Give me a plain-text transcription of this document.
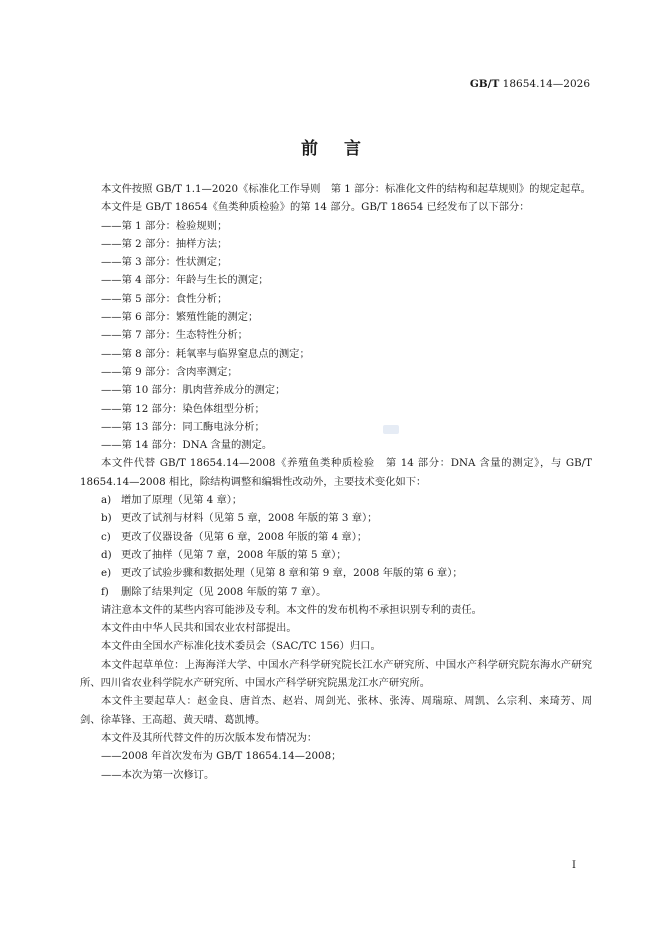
GB/T 18654.14—2026
前言

本文件按照 GB/T 1.1—2020《标准化工作导则　第 1 部分：标准化文件的结构和起草规则》的规定起草。

本文件是 GB/T 18654《鱼类种质检验》的第 14 部分。GB/T 18654 已经发布了以下部分：

——第 1 部分：检验规则；

——第 2 部分：抽样方法；

——第 3 部分：性状测定；

——第 4 部分：年龄与生长的测定；

——第 5 部分：食性分析；

——第 6 部分：繁殖性能的测定；

——第 7 部分：生态特性分析；

——第 8 部分：耗氧率与临界窒息点的测定；

——第 9 部分：含肉率测定；

——第 10 部分：肌肉营养成分的测定；

——第 12 部分：染色体组型分析；

——第 13 部分：同工酶电泳分析；

——第 14 部分：DNA 含量的测定。

本文件代替 GB/T 18654.14—2008《养殖鱼类种质检验　第 14 部分：DNA 含量的测定》，与 GB/T 18654.14—2008 相比，除结构调整和编辑性改动外，主要技术变化如下：

a) 增加了原理（见第 4 章）；

b) 更改了试剂与材料（见第 5 章，2008 年版的第 3 章）；

c) 更改了仪器设备（见第 6 章，2008 年版的第 4 章）；

d) 更改了抽样（见第 7 章，2008 年版的第 5 章）；

e) 更改了试验步骤和数据处理（见第 8 章和第 9 章，2008 年版的第 6 章）；

f) 删除了结果判定（见 2008 年版的第 7 章）。

请注意本文件的某些内容可能涉及专利。本文件的发布机构不承担识别专利的责任。

本文件由中华人民共和国农业农村部提出。

本文件由全国水产标准化技术委员会（SAC/TC 156）归口。

本文件起草单位：上海海洋大学、中国水产科学研究院长江水产研究所、中国水产科学研究院东海水产研究所、四川省农业科学院水产研究所、中国水产科学研究院黑龙江水产研究所。

本文件主要起草人：赵金良、唐首杰、赵岩、周剑光、张林、张涛、周瑞琼、周凯、么宗利、来琦芳、周剑、徐革锋、王高超、黄天晴、葛凯博。

本文件及其所代替文件的历次版本发布情况为：

——2008 年首次发布为 GB/T 18654.14—2008；

——本次为第一次修订。

I
